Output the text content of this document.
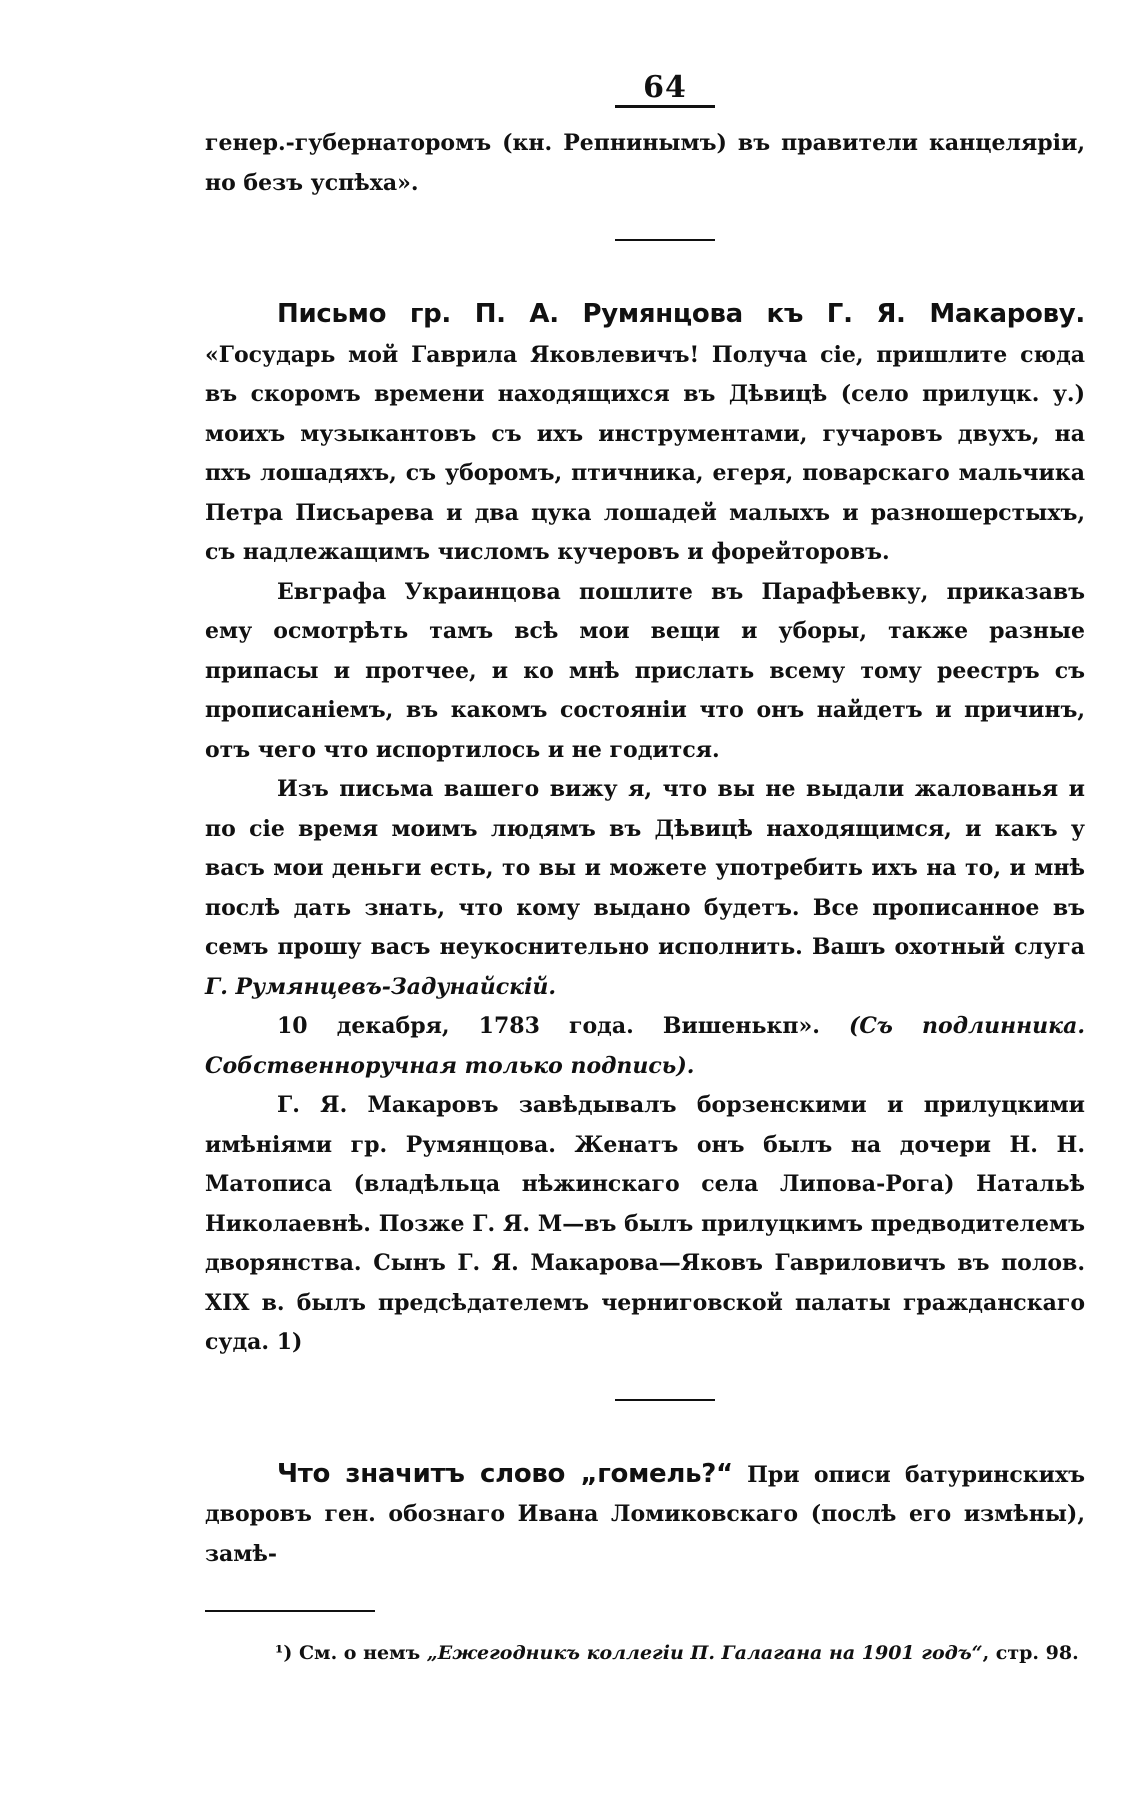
64

генер.-губернаторомъ (кн. Репнинымъ) въ правители канцеляріи, но безъ успѣха».

Письмо гр. П. А. Румянцова къ Г. Я. Макарову. «Государь мой Гаврила Яковлевичъ! Получа сіе, пришлите сюда въ скоромъ времени находящихся въ Дѣвицѣ (село прилуцк. у.) моихъ музыкантовъ съ ихъ инструментами, гучаровъ двухъ, на пхъ лошадяхъ, съ уборомъ, птичника, егеря, поварскаго мальчика Петра Письарева и два цука лошадей малыхъ и разношерстыхъ, съ надлежащимъ числомъ кучеровъ и форейторовъ.

Евграфа Украинцова пошлите въ Парафѣевку, приказавъ ему осмотрѣть тамъ всѣ мои вещи и уборы, также разные припасы и протчее, и ко мнѣ прислать всему тому реестръ съ прописаніемъ, въ какомъ состояніи что онъ найдетъ и причинъ, отъ чего что испортилось и не годится.

Изъ письма вашего вижу я, что вы не выдали жалованья и по сіе время моимъ людямъ въ Дѣвицѣ находящимся, и какъ у васъ мои деньги есть, то вы и можете употребить ихъ на то, и мнѣ послѣ дать знать, что кому выдано будетъ. Все прописанное въ семъ прошу васъ неукоснительно исполнить. Вашъ охотный слуга Г. Румянцевъ-Задунайскій.

10 декабря, 1783 года. Вишенькп». (Съ подлинника. Собственноручная только подпись).

Г. Я. Макаровъ завѣдывалъ борзенскими и прилуцкими имѣніями гр. Румянцова. Женатъ онъ былъ на дочери Н. Н. Матописа (владѣльца нѣжинскаго села Липова-Рога) Натальѣ Николаевнѣ. Позже Г. Я. М—въ былъ прилуцкимъ предводителемъ дворянства. Сынъ Г. Я. Макарова—Яковъ Гавриловичъ въ полов. XIX в. былъ предсѣдателемъ черниговской палаты гражданскаго суда. 1)

Что значитъ слово „гомель?“ При описи батуринскихъ дворовъ ген. обознаго Ивана Ломиковскаго (послѣ его измѣны), замѣ-

¹) См. о немъ „Ежегодникъ коллегіи П. Галагана на 1901 годъ“, стр. 98.
